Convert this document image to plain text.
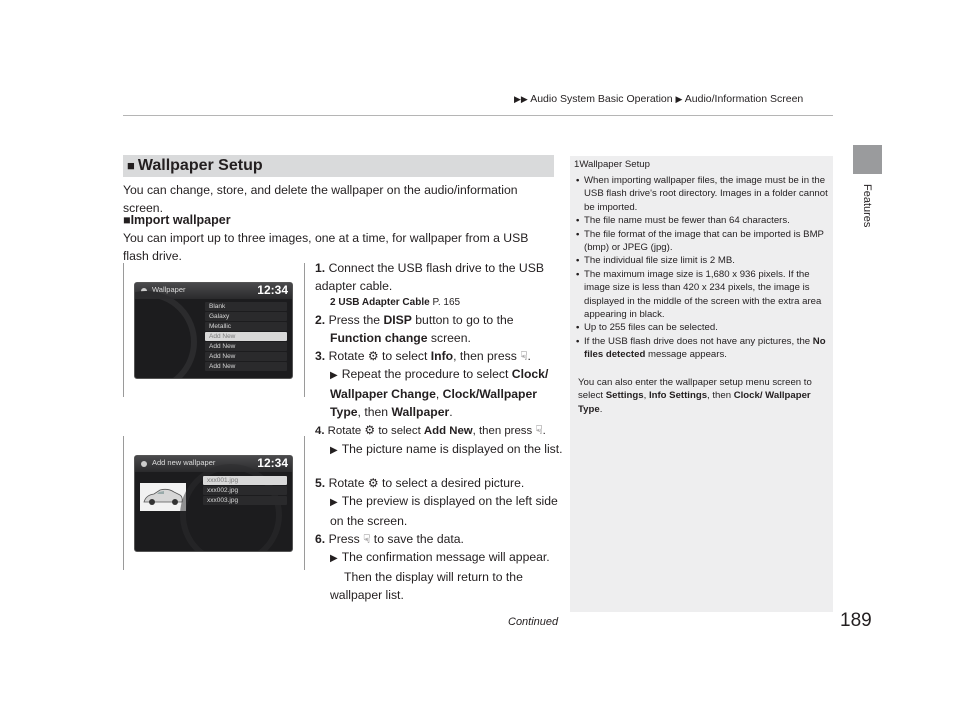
▶▶ Audio System Basic Operation ▶ Audio/Information Screen
Features
■ Wallpaper Setup
You can change, store, and delete the wallpaper on the audio/information screen.
■Import wallpaper
You can import up to three images, one at a time, for wallpaper from a USB flash drive.
Wallpaper	12:34
Blank
Galaxy
Metallic
Add New
Add New
Add New
Add New
Add new wallpaper	12:34
xxx001.jpg
xxx002.jpg
xxx003.jpg
1. Connect the USB flash drive to the USB adapter cable.
2 USB Adapter Cable P. 165
2. Press the DISP button to go to the
Function change screen.
3. Rotate ⚙ to select Info, then press ☟.
▶ Repeat the procedure to select Clock/ Wallpaper Change, Clock/Wallpaper Type, then Wallpaper.
4. Rotate ⚙ to select Add New, then press ☟.
▶ The picture name is displayed on the list.
5. Rotate ⚙ to select a desired picture.
▶ The preview is displayed on the left side on the screen.
6. Press ☟ to save the data.
▶ The confirmation message will appear.
Then the display will return to the wallpaper list.
1Wallpaper Setup
• When importing wallpaper files, the image must be in the USB flash drive's root directory. Images in a folder cannot be imported.
• The file name must be fewer than 64 characters.
• The file format of the image that can be imported is BMP (bmp) or JPEG (jpg).
• The individual file size limit is 2 MB.
• The maximum image size is 1,680 x 936 pixels. If the image size is less than 420 x 234 pixels, the image is displayed in the middle of the screen with the extra area appearing in black.
• Up to 255 files can be selected.
• If the USB flash drive does not have any pictures, the No files detected message appears.
You can also enter the wallpaper setup menu screen to select Settings, Info Settings, then Clock/ Wallpaper Type.
Continued	189
